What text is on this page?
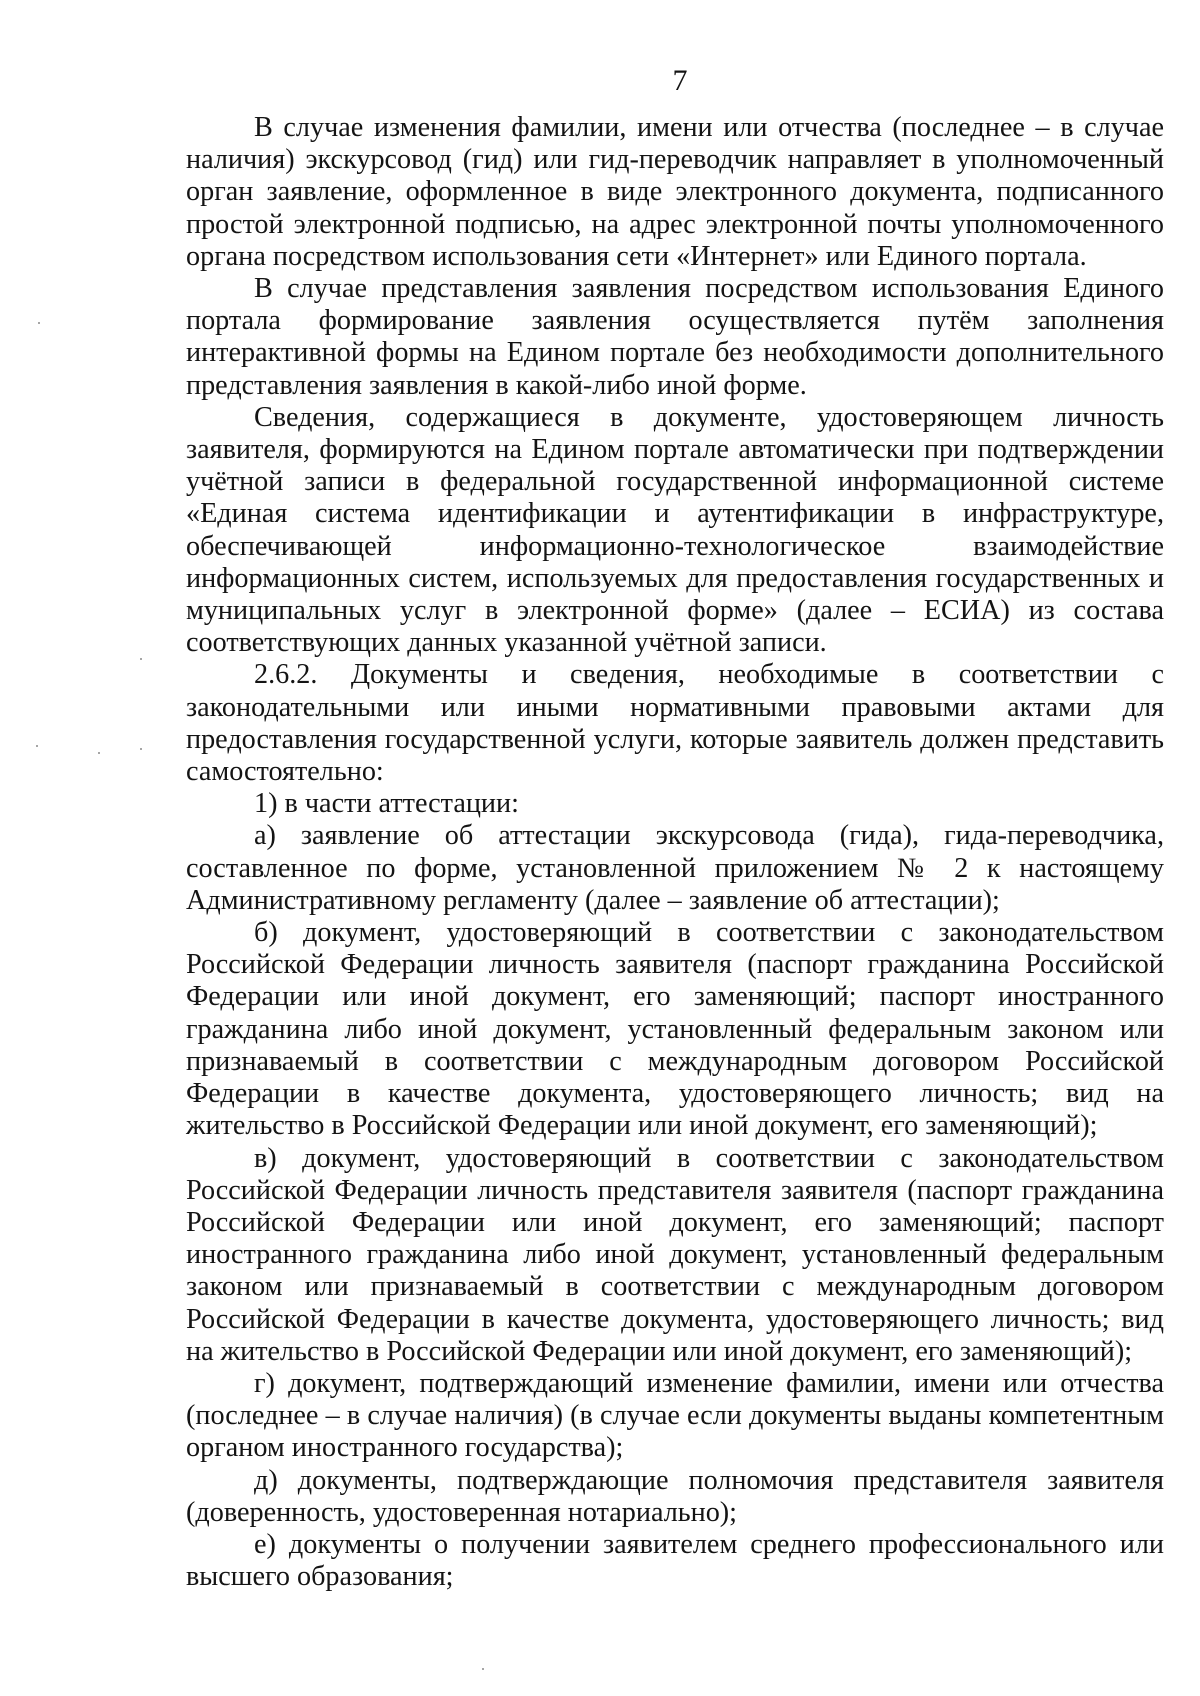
7

В случае изменения фамилии, имени или отчества (последнее – в случае наличия) экскурсовод (гид) или гид-переводчик направляет в уполномоченный орган заявление, оформленное в виде электронного документа, подписанного простой электронной подписью, на адрес электронной почты уполномоченного органа посредством использования сети «Интернет» или Единого портала.

В случае представления заявления посредством использования Единого портала формирование заявления осуществляется путём заполнения интерактивной формы на Едином портале без необходимости дополнительного представления заявления в какой-либо иной форме.

Сведения, содержащиеся в документе, удостоверяющем личность заявителя, формируются на Едином портале автоматически при подтверждении учётной записи в федеральной государственной информационной системе «Единая система идентификации и аутентификации в инфраструктуре, обеспечивающей информационно-технологическое взаимодействие информационных систем, используемых для предоставления государственных и муниципальных услуг в электронной форме» (далее – ЕСИА) из состава соответствующих данных указанной учётной записи.

2.6.2. Документы и сведения, необходимые в соответствии с законодательными или иными нормативными правовыми актами для предоставления государственной услуги, которые заявитель должен представить самостоятельно:

1) в части аттестации:

а) заявление об аттестации экскурсовода (гида), гида-переводчика, составленное по форме, установленной приложением № 2 к настоящему Административному регламенту (далее – заявление об аттестации);

б) документ, удостоверяющий в соответствии с законодательством Российской Федерации личность заявителя (паспорт гражданина Российской Федерации или иной документ, его заменяющий; паспорт иностранного гражданина либо иной документ, установленный федеральным законом или признаваемый в соответствии с международным договором Российской Федерации в качестве документа, удостоверяющего личность; вид на жительство в Российской Федерации или иной документ, его заменяющий);

в) документ, удостоверяющий в соответствии с законодательством Российской Федерации личность представителя заявителя (паспорт гражданина Российской Федерации или иной документ, его заменяющий; паспорт иностранного гражданина либо иной документ, установленный федеральным законом или признаваемый в соответствии с международным договором Российской Федерации в качестве документа, удостоверяющего личность; вид на жительство в Российской Федерации или иной документ, его заменяющий);

г) документ, подтверждающий изменение фамилии, имени или отчества (последнее – в случае наличия) (в случае если документы выданы компетентным органом иностранного государства);

д) документы, подтверждающие полномочия представителя заявителя (доверенность, удостоверенная нотариально);

е) документы о получении заявителем среднего профессионального или высшего образования;
